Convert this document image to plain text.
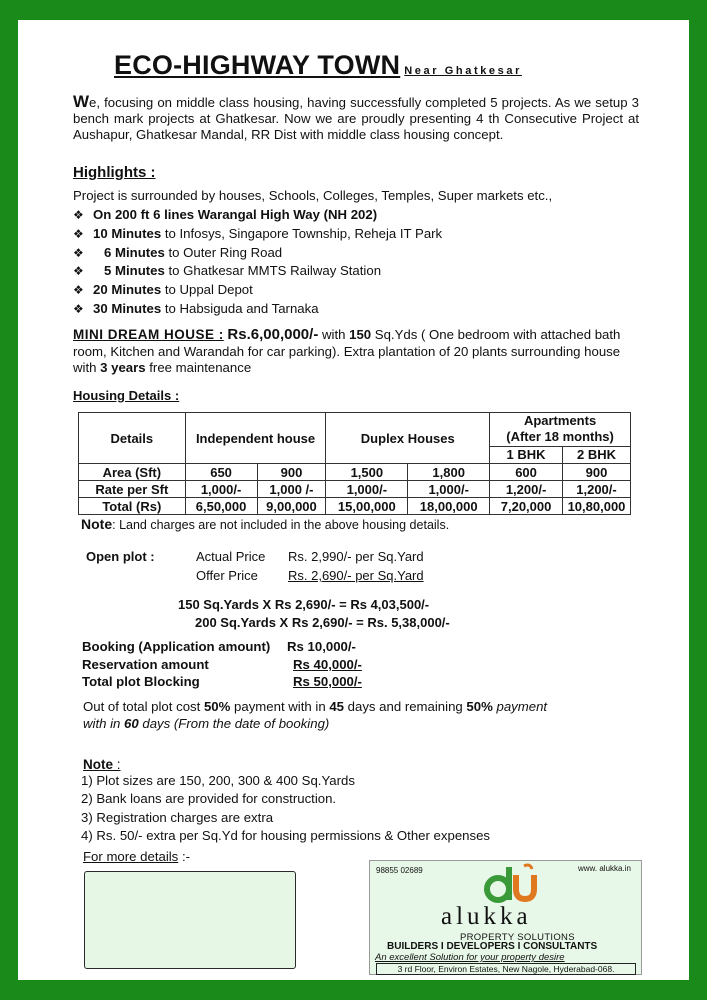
ECO-HIGHWAY TOWN Near Ghatkesar
We, focusing on middle class housing, having successfully completed 5 projects. As we setup 3 bench mark projects at Ghatkesar. Now we are proudly presenting 4 th Consecutive Project at Aushapur, Ghatkesar Mandal, RR Dist with middle class housing concept.
Highlights :
Project is surrounded by houses, Schools, Colleges, Temples, Super markets etc.,
❖ On 200 ft 6 lines Warangal High Way (NH 202)
❖ 10 Minutes to Infosys, Singapore Township, Reheja IT Park
❖ 6 Minutes to Outer Ring Road
❖ 5 Minutes to Ghatkesar MMTS Railway Station
❖ 20 Minutes to Uppal Depot
❖ 30 Minutes to Habsiguda and Tarnaka
MINI DREAM HOUSE : Rs.6,00,000/- with 150 Sq.Yds ( One bedroom with attached bath room, Kitchen and Warandah for car parking). Extra plantation of 20 plants surrounding house with 3 years free maintenance
Housing Details :
Details	Independent house		Duplex Houses		Apartments
(After 18 months)	
					1 BHK	2 BHK
Area (Sft)	650	900	1,500	1,800	600	900
Rate per Sft	1,000/-	1,000 /-	1,000/-	1,000/-	1,200/-	1,200/-
Total (Rs)	6,50,000	9,00,000	15,00,000	18,00,000	7,20,000	10,80,000
Note: Land charges are not included in the above housing details.
Open plot :	Actual Price Rs. 2,990/- per Sq.Yard
Offer Price Rs. 2,690/- per Sq.Yard
150 Sq.Yards X Rs 2,690/- = Rs 4,03,500/-
200 Sq.Yards X Rs 2,690/- = Rs. 5,38,000/-
Booking (Application amount) Rs 10,000/-
Reservation amount	Rs 40,000/-
Total plot Blocking	Rs 50,000/-
Out of total plot cost 50% payment with in 45 days and remaining 50% payment
with in 60 days (From the date of booking)
Note :
1) Plot sizes are 150, 200, 300 & 400 Sq.Yards
2) Bank loans are provided for construction.
3) Registration charges are extra
4) Rs. 50/- extra per Sq.Yd for housing permissions & Other expenses
For more details :-
98855 02689	www. alukka.in
alukka
PROPERTY SOLUTIONS
BUILDERS I DEVELOPERS I CONSULTANTS
An excellent Solution for your property desire
3 rd Floor, Environ Estates, New Nagole, Hyderabad-068.
